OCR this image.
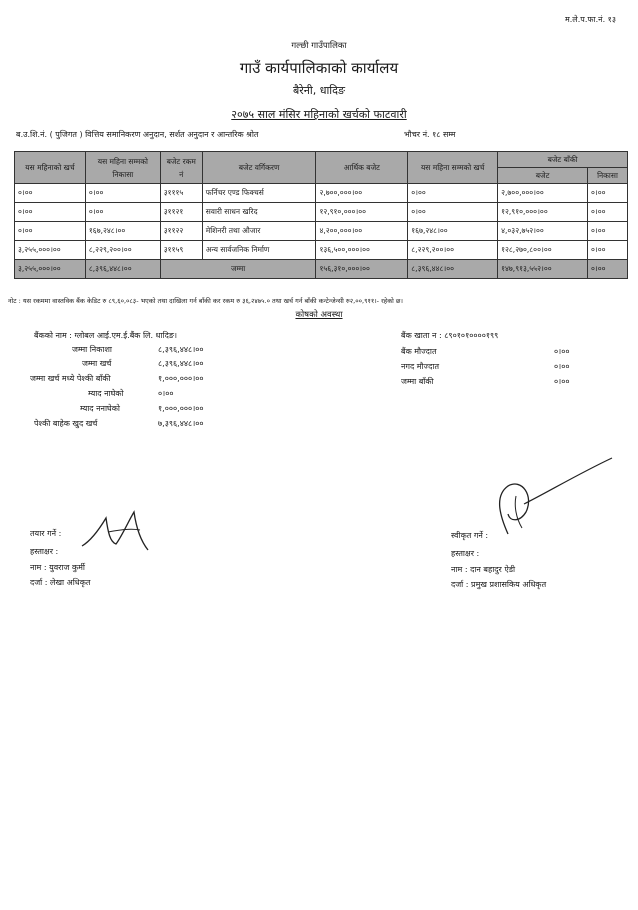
म.ले.प.फा.नं. १३
गल्छी गाउँपालिका
गाउँ कार्यपालिकाको कार्यालय
बैरेनी, धादिङ
२०७५ साल मंसिर महिनाको खर्चको फाटवारी
ब.उ.शि.नं. ( पुजिगत ) वित्तिय समानिकरण अनुदान, सर्शत अनुदान र आन्तरिक श्रोत	भौचर नं. १८ सम्म
यस महिनाको खर्च	यस महिना सम्मको निकासा	बजेट रकम नं	बजेट वर्गिकरण	आर्थिक बजेट	यस महिना सम्मको खर्च	बजेट बाँकी	
						बजेट	निकासा
०।००	०।००	३१११५	फर्निचर एण्ड फिक्चर्स	२,७००,०००।००	०।००	२,७००,०००।००	०।००
०।००	०।००	३११२१	सवारी साधन खरिद	१२,९१०,०००।००	०।००	१२,९१०,०००।००	०।००
०।००	१६७,२४८।००	३११२२	मेशिनरी तथा औजार	४,२००,०००।००	१६७,२४८।००	४,०३२,७५२।००	०।००
३,२५५,०००।००	८,२२९,२००।००	३११५९	अन्य सार्वजनिक निर्माण	१३६,५००,०००।००	८,२२९,२००।००	१२८,२७०,८००।००	०।००
३,२५५,०००।००	८,३९६,४४८।००	जम्मा		१५६,३१०,०००।००	८,३९६,४४८।००	१४७,९१३,५५२।००	०।००
नोट : यस रकममा वास्तविक बैंक केडिट रु ८९,६०,०८३- भएको तथा दाखिला गर्न बाँकी कर रकम रु ३६,२४७५.० तथा खर्च गर्न बाँकी कन्टेन्जेन्सी रु२,००,९११।- रहेको छ।
कोषको अवस्था
बैंकको नाम : ग्लोबल आई.एम.ई.बैंक लि. धादिङ।
जम्मा निकाशा	८,३९६,४४८।००
जम्मा खर्च	८,३९६,४४८।००
जम्मा खर्च मध्ये पेश्की बाँकी	१,०००,०००।००
म्याद नाघेको	०।००
म्याद ननाघेको	१,०००,०००।००
पेश्की बाहेक खुद खर्च	७,३९६,४४८।००
बैंक खाता न : ८९०१०१००००१९९
बैंक मौज्दात	०।००
नगद मौज्दात	०।००
जम्मा बाँकी	०।००
तयार गर्ने :
हस्ताक्षर :
नाम : युवराज कुर्मी
दर्जा : लेखा अधिकृत
स्वीकृत गर्ने :
हस्ताक्षर :
नाम : दान बहादुर ऐडी
दर्जा : प्रमुख प्रशासकिय अधिकृत
